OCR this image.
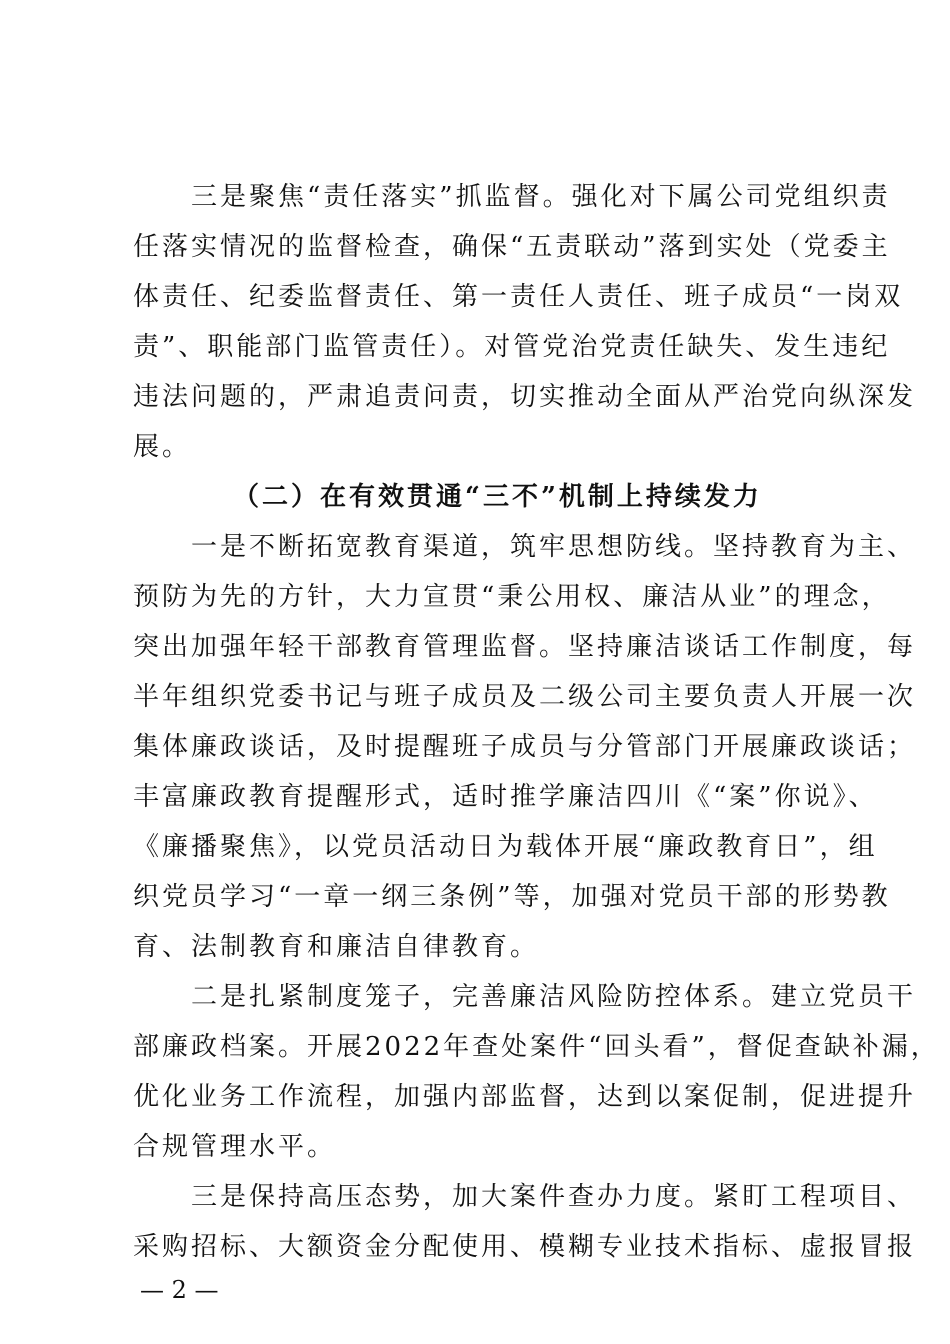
　　三是聚焦“责任落实”抓监督。强化对下属公司党组织责
任落实情况的监督检查，确保“五责联动”落到实处（党委主
体责任、纪委监督责任、第一责任人责任、班子成员“一岗双
责”、职能部门监管责任）。对管党治党责任缺失、发生违纪
违法问题的，严肃追责问责，切实推动全面从严治党向纵深发
展。
（二）在有效贯通“三不”机制上持续发力
　　一是不断拓宽教育渠道，筑牢思想防线。坚持教育为主、
预防为先的方针，大力宣贯“秉公用权、廉洁从业”的理念，
突出加强年轻干部教育管理监督。坚持廉洁谈话工作制度，每
半年组织党委书记与班子成员及二级公司主要负责人开展一次
集体廉政谈话，及时提醒班子成员与分管部门开展廉政谈话；
丰富廉政教育提醒形式，适时推学廉洁四川《“案”你说》、
《廉播聚焦》，以党员活动日为载体开展“廉政教育日”，组
织党员学习“一章一纲三条例”等，加强对党员干部的形势教
育、法制教育和廉洁自律教育。
　　二是扎紧制度笼子，完善廉洁风险防控体系。建立党员干
部廉政档案。开展2022年查处案件“回头看”，督促查缺补漏，
优化业务工作流程，加强内部监督，达到以案促制，促进提升
合规管理水平。
　　三是保持高压态势，加大案件查办力度。紧盯工程项目、
采购招标、大额资金分配使用、模糊专业技术指标、虚报冒报
— 2 —
